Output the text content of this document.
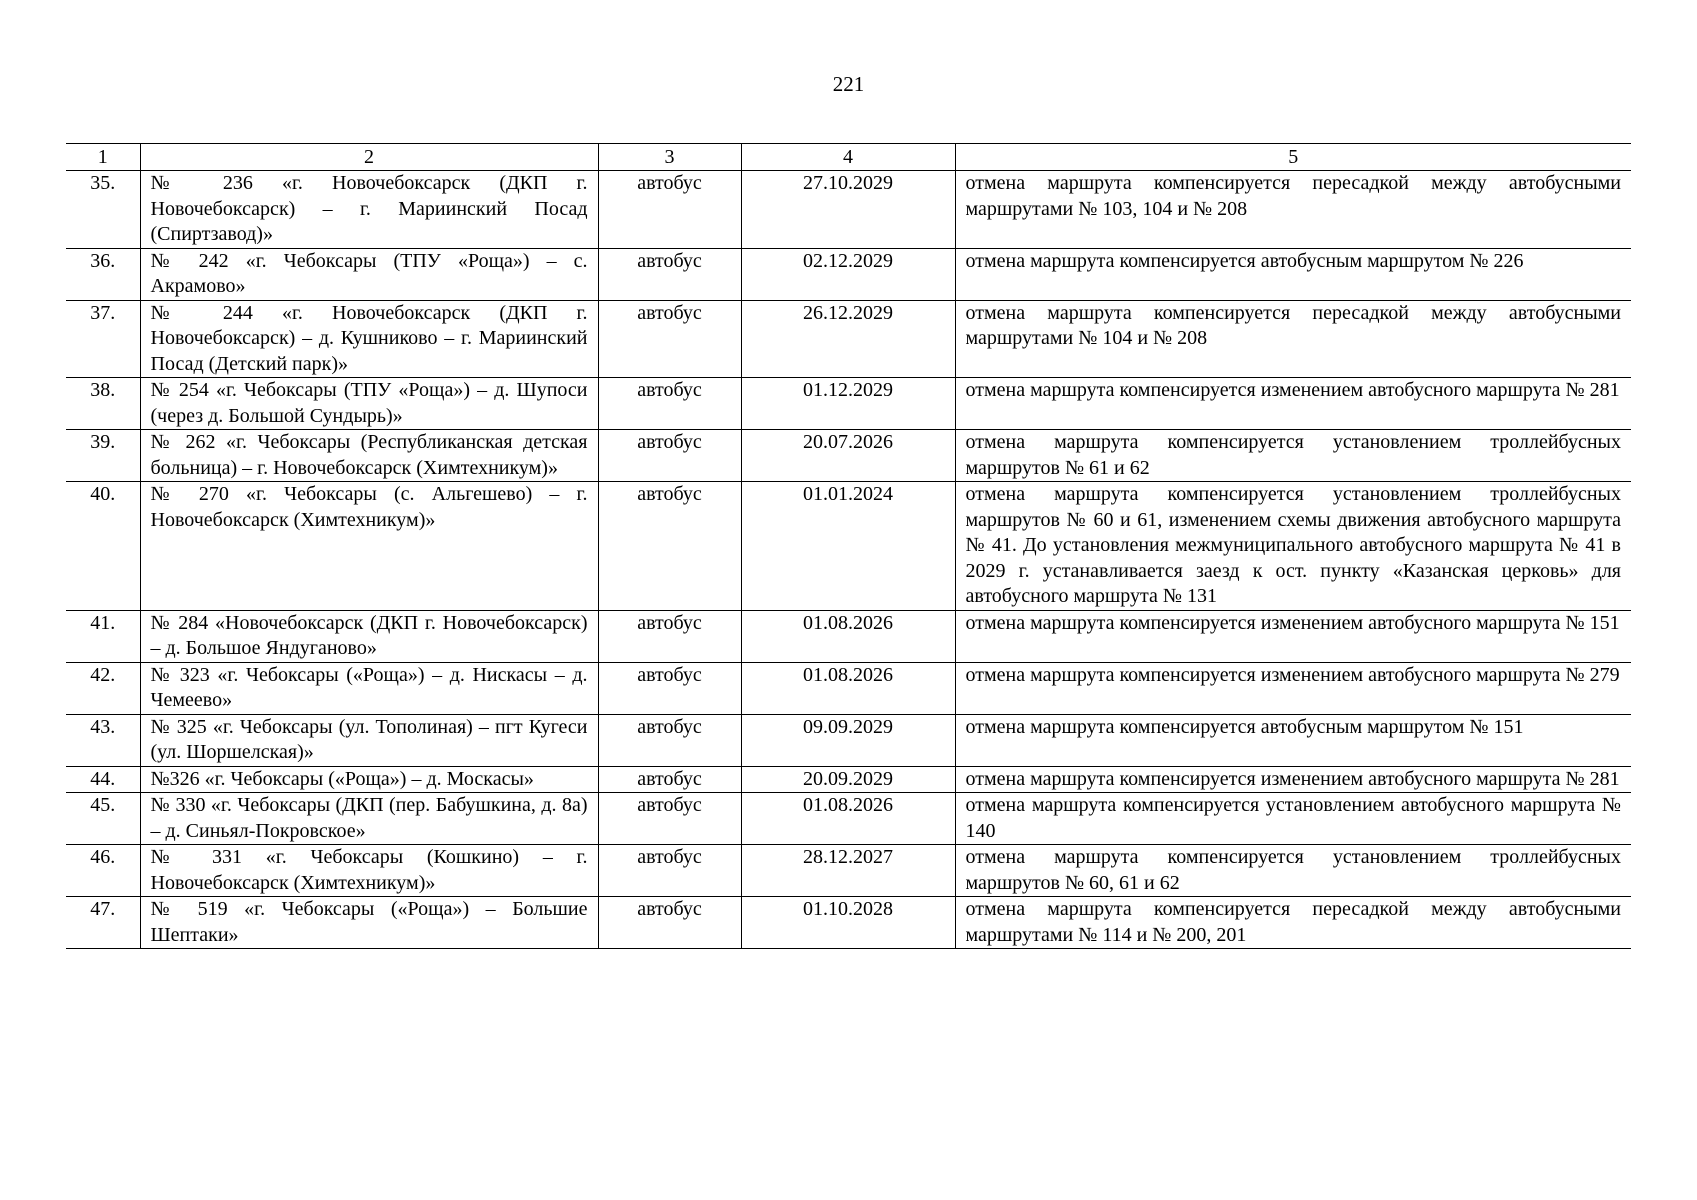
221
1	2	3	4	5
35.	№ 236 «г. Новочебоксарск (ДКП г. Новочебоксарск) – г. Мариинский Посад (Спиртзавод)»	автобус	27.10.2029	отмена маршрута компенсируется пересадкой между автобусными маршрутами № 103, 104 и № 208
36.	№ 242 «г. Чебоксары (ТПУ «Роща») – с. Акрамово»	автобус	02.12.2029	отмена маршрута компенсируется автобусным маршрутом № 226
37.	№ 244 «г. Новочебоксарск (ДКП г. Новочебоксарск) – д. Кушниково – г. Мариинский Посад (Детский парк)»	автобус	26.12.2029	отмена маршрута компенсируется пересадкой между автобусными маршрутами № 104 и № 208
38.	№ 254 «г. Чебоксары (ТПУ «Роща») – д. Шупоси (через д. Большой Сундырь)»	автобус	01.12.2029	отмена маршрута компенсируется изменением автобусного маршрута № 281
39.	№ 262 «г. Чебоксары (Республиканская детская больница) – г. Новочебоксарск (Химтехникум)»	автобус	20.07.2026	отмена маршрута компенсируется установлением троллейбусных маршрутов № 61 и 62
40.	№ 270 «г. Чебоксары (с. Альгешево) – г. Новочебоксарск (Химтехникум)»	автобус	01.01.2024	отмена маршрута компенсируется установлением троллейбусных маршрутов № 60 и 61, изменением схемы движения автобусного маршрута № 41. До установления межмуниципального автобусного маршрута № 41 в 2029 г. устанавливается заезд к ост. пункту «Казанская церковь» для автобусного маршрута № 131
41.	№ 284 «Новочебоксарск (ДКП г. Новочебоксарск) – д. Большое Яндуганово»	автобус	01.08.2026	отмена маршрута компенсируется изменением автобусного маршрута № 151
42.	№ 323 «г. Чебоксары («Роща») – д. Нискасы – д. Чемеево»	автобус	01.08.2026	отмена маршрута компенсируется изменением автобусного маршрута № 279
43.	№ 325 «г. Чебоксары (ул. Тополиная) – пгт Кугеси (ул. Шоршелская)»	автобус	09.09.2029	отмена маршрута компенсируется автобусным маршрутом № 151
44.	№326 «г. Чебоксары («Роща») – д. Москасы»	автобус	20.09.2029	отмена маршрута компенсируется изменением автобусного маршрута № 281
45.	№ 330 «г. Чебоксары (ДКП (пер. Бабушкина, д. 8а) – д. Синьял-Покровское»	автобус	01.08.2026	отмена маршрута компенсируется установлением автобусного маршрута № 140
46.	№ 331 «г. Чебоксары (Кошкино) – г. Новочебоксарск (Химтехникум)»	автобус	28.12.2027	отмена маршрута компенсируется установлением троллейбусных маршрутов № 60, 61 и 62
47.	№ 519 «г. Чебоксары («Роща») – Большие Шептаки»	автобус	01.10.2028	отмена маршрута компенсируется пересадкой между автобусными маршрутами № 114 и № 200, 201
